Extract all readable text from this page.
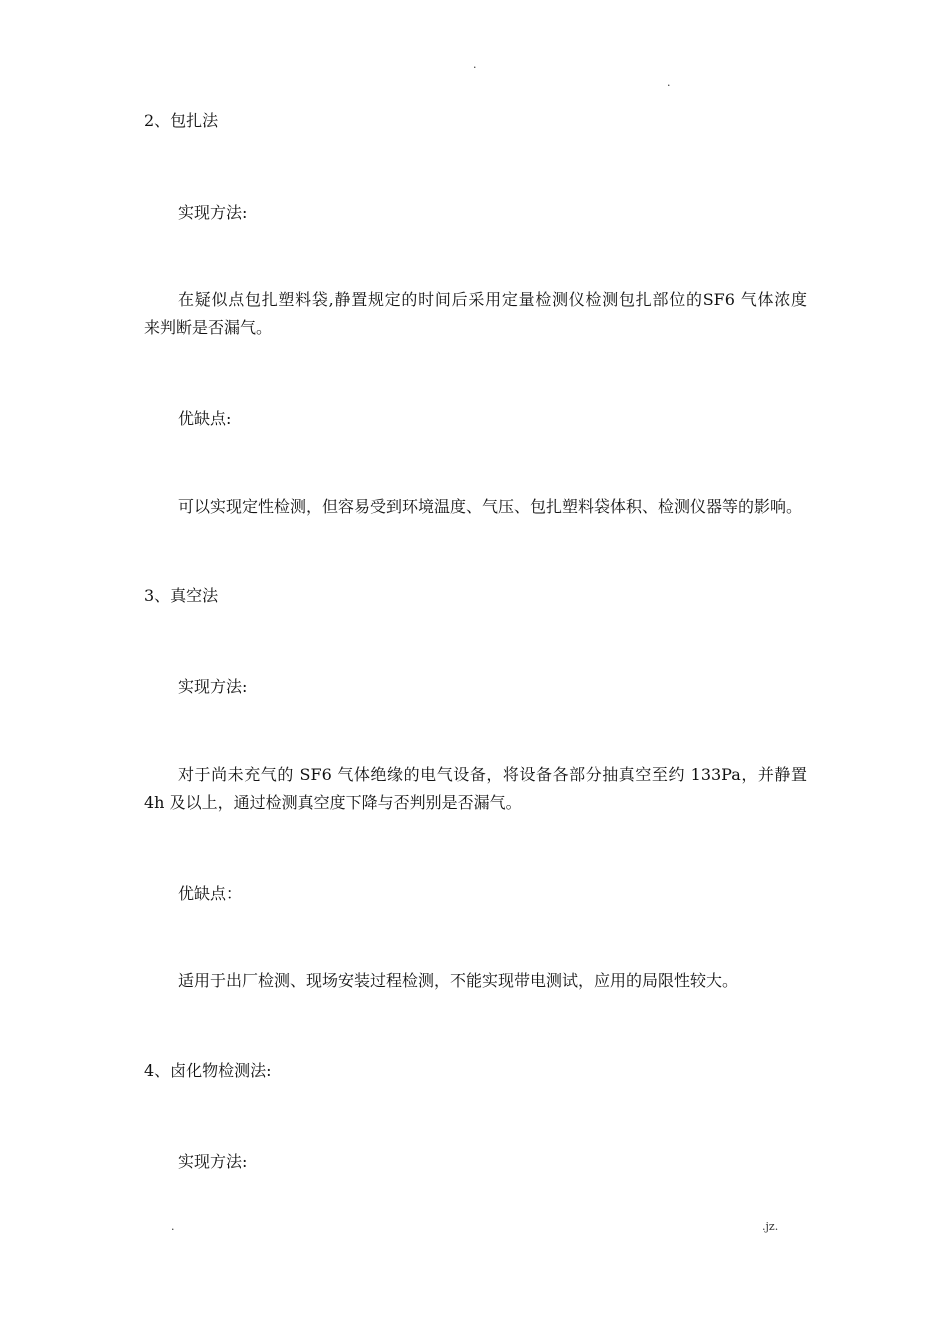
.
.
2、包扎法
实现方法:
在疑似点包扎塑料袋,静置规定的时间后采用定量检测仪检测包扎部位的SF6 气体浓度
来判断是否漏气。
优缺点:
可以实现定性检测，但容易受到环境温度、气压、包扎塑料袋体积、检测仪器等的影响。
3、真空法
实现方法:
对于尚未充气的 SF6 气体绝缘的电气设备，将设备各部分抽真空至约 133Pa，并静置
4h 及以上，通过检测真空度下降与否判别是否漏气。
优缺点：
适用于出厂检测、现场安装过程检测，不能实现带电测试，应用的局限性较大。
4、卤化物检测法:
实现方法:
.	.jz.
